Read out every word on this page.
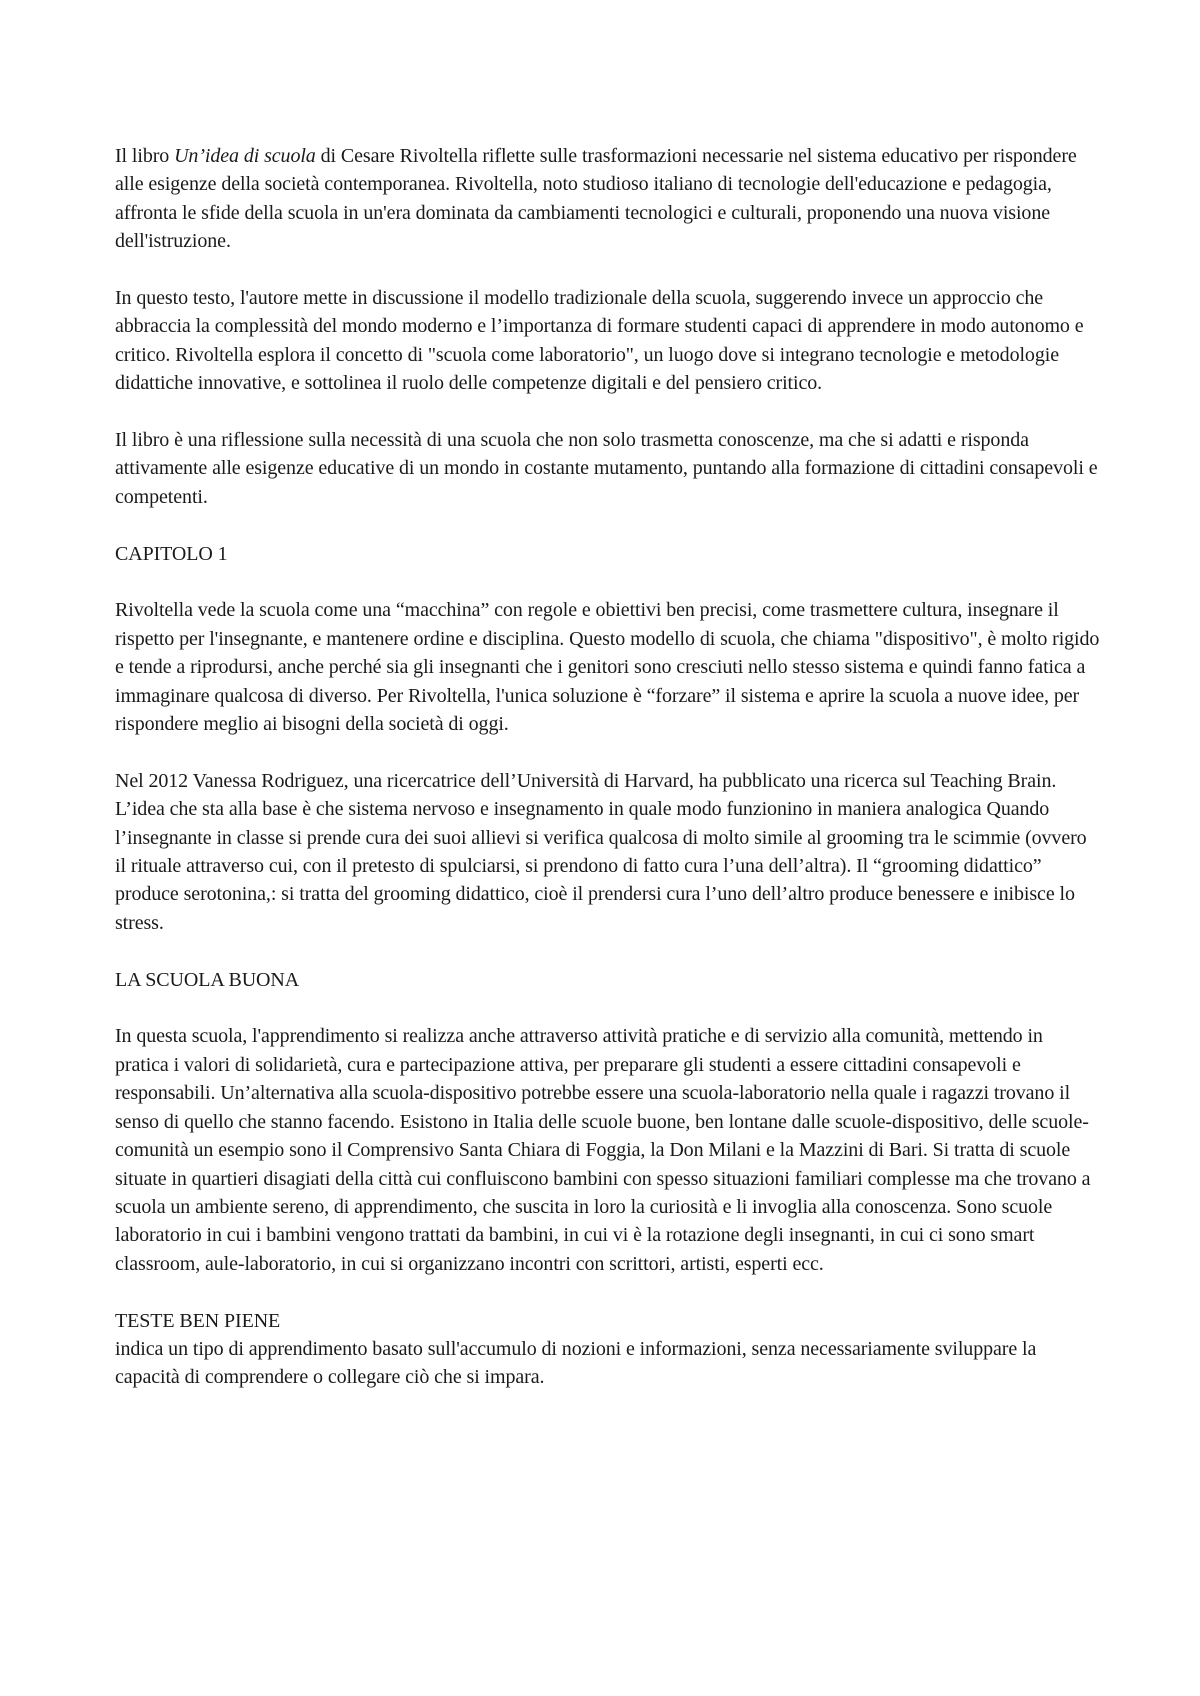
Il libro Un’idea di scuola di Cesare Rivoltella riflette sulle trasformazioni necessarie nel sistema educativo per rispondere alle esigenze della società contemporanea. Rivoltella, noto studioso italiano di tecnologie dell'educazione e pedagogia, affronta le sfide della scuola in un'era dominata da cambiamenti tecnologici e culturali, proponendo una nuova visione dell'istruzione.

In questo testo, l'autore mette in discussione il modello tradizionale della scuola, suggerendo invece un approccio che abbraccia la complessità del mondo moderno e l’importanza di formare studenti capaci di apprendere in modo autonomo e critico. Rivoltella esplora il concetto di "scuola come laboratorio", un luogo dove si integrano tecnologie e metodologie didattiche innovative, e sottolinea il ruolo delle competenze digitali e del pensiero critico.

Il libro è una riflessione sulla necessità di una scuola che non solo trasmetta conoscenze, ma che si adatti e risponda attivamente alle esigenze educative di un mondo in costante mutamento, puntando alla formazione di cittadini consapevoli e competenti.

CAPITOLO 1

Rivoltella vede la scuola come una “macchina” con regole e obiettivi ben precisi, come trasmettere cultura, insegnare il rispetto per l'insegnante, e mantenere ordine e disciplina. Questo modello di scuola, che chiama "dispositivo", è molto rigido e tende a riprodursi, anche perché sia gli insegnanti che i genitori sono cresciuti nello stesso sistema e quindi fanno fatica a immaginare qualcosa di diverso. Per Rivoltella, l'unica soluzione è “forzare” il sistema e aprire la scuola a nuove idee, per rispondere meglio ai bisogni della società di oggi.

Nel 2012 Vanessa Rodriguez, una ricercatrice dell’Università di Harvard, ha pubblicato una ricerca sul Teaching Brain. L’idea che sta alla base è che sistema nervoso e insegnamento in quale modo funzionino in maniera analogica Quando l’insegnante in classe si prende cura dei suoi allievi si verifica qualcosa di molto simile al grooming tra le scimmie (ovvero il rituale attraverso cui, con il pretesto di spulciarsi, si prendono di fatto cura l’una dell’altra). Il “grooming didattico” produce serotonina,: si tratta del grooming didattico, cioè il prendersi cura l’uno dell’altro produce benessere e inibisce lo stress.

LA SCUOLA BUONA

In questa scuola, l'apprendimento si realizza anche attraverso attività pratiche e di servizio alla comunità, mettendo in pratica i valori di solidarietà, cura e partecipazione attiva, per preparare gli studenti a essere cittadini consapevoli e responsabili. Un’alternativa alla scuola-dispositivo potrebbe essere una scuola-laboratorio nella quale i ragazzi trovano il senso di quello che stanno facendo. Esistono in Italia delle scuole buone, ben lontane dalle scuole-dispositivo, delle scuole-comunità un esempio sono il Comprensivo Santa Chiara di Foggia, la Don Milani e la Mazzini di Bari. Si tratta di scuole situate in quartieri disagiati della città cui confluiscono bambini con spesso situazioni familiari complesse ma che trovano a scuola un ambiente sereno, di apprendimento, che suscita in loro la curiosità e li invoglia alla conoscenza. Sono scuole laboratorio in cui i bambini vengono trattati da bambini, in cui vi è la rotazione degli insegnanti, in cui ci sono smart classroom, aule-laboratorio, in cui si organizzano incontri con scrittori, artisti, esperti ecc.

TESTE BEN PIENE

indica un tipo di apprendimento basato sull'accumulo di nozioni e informazioni, senza necessariamente sviluppare la capacità di comprendere o collegare ciò che si impara.
